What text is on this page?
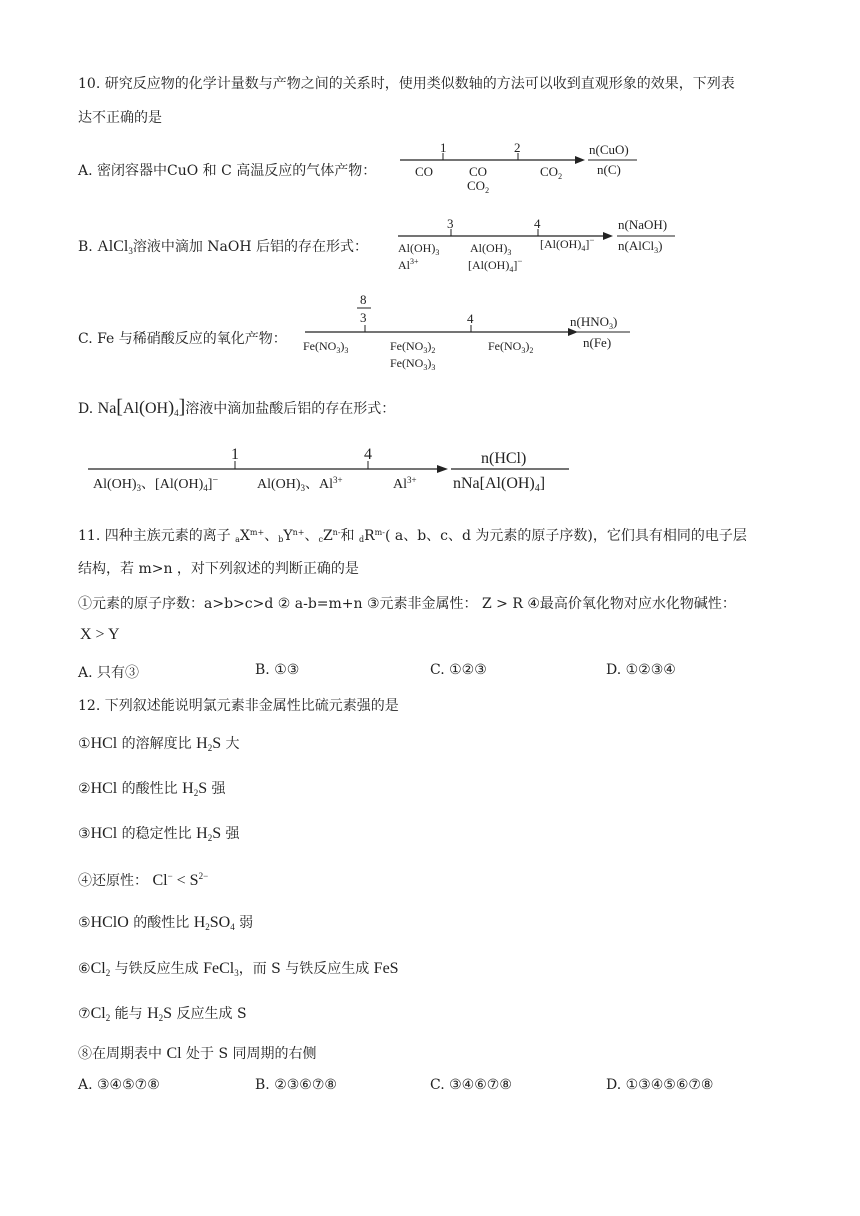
10. 研究反应物的化学计量数与产物之间的关系时，使用类似数轴的方法可以收到直观形象的效果，下列表
达不正确的是
A. 密闭容器中CuO 和 C 高温反应的气体产物：
1	2
CO	CO
$CO_2$
$CO_2$
n(CuO)
n(C)
B. AlCl$_3$溶液中滴加 NaOH 后铝的存在形式：
3	4
$Al(OH)_3$
$Al^{3+}$
$Al(OH)_3$
$[Al(OH)_4]^-$
$[Al(OH)_4]^-$
n(NaOH)
n(AlCl$_3$)
C. Fe 与稀硝酸反应的氧化产物：
8
3	4
$Fe(NO_3)_3$	$Fe(NO_3)_2$
$Fe(NO_3)_3$
$Fe(NO_3)_2$
$n(HNO_3)$
n(Fe)
D. $Na[Al(OH)_4]$溶液中滴加盐酸后铝的存在形式：
1	4
$Al(OH)_3$、$[Al(OH)_4]^-$	$Al(OH)_3$、$Al^{3+}$	$Al^{3+}$
n(HCl)
nNa[Al(OH)4]
11. 四种主族元素的离子 $aX^{m+}$、$bY^{n+}$、$cZ^{n-}$和 $dR^{m-}$( a、b、c、d 为元素的原子序数)，它们具有相同的电子层
结构，若 m>n ，对下列叙述的判断正确的是
①元素的原子序数：a>b>c>d ② a-b=m+n ③元素非金属性： Z > R ④最高价氧化物对应水化物碱性：
X > Y
A. 只有③	B. ①③	C. ①②③	D. ①②③④
12. 下列叙述能说明氯元素非金属性比硫元素强的是
①HCl 的溶解度比 $H_2S$ 大
②HCl 的酸性比 $H_2S$ 强
③HCl 的稳定性比 $H_2S$ 强
④还原性： $Cl^- < S^{2-}$
⑤HClO 的酸性比 $H_2SO_4$ 弱
$⑥Cl_2$ 与铁反应生成 FeCl$_3$，而 S 与铁反应生成 FeS
$⑦Cl_2$ 能与 $H_2S$ 反应生成 S
⑧在周期表中 Cl 处于 S 同周期的右侧
A. ③④⑤⑦⑧	B. ②③⑥⑦⑧	C. ③④⑥⑦⑧	D. ①③④⑤⑥⑦⑧
